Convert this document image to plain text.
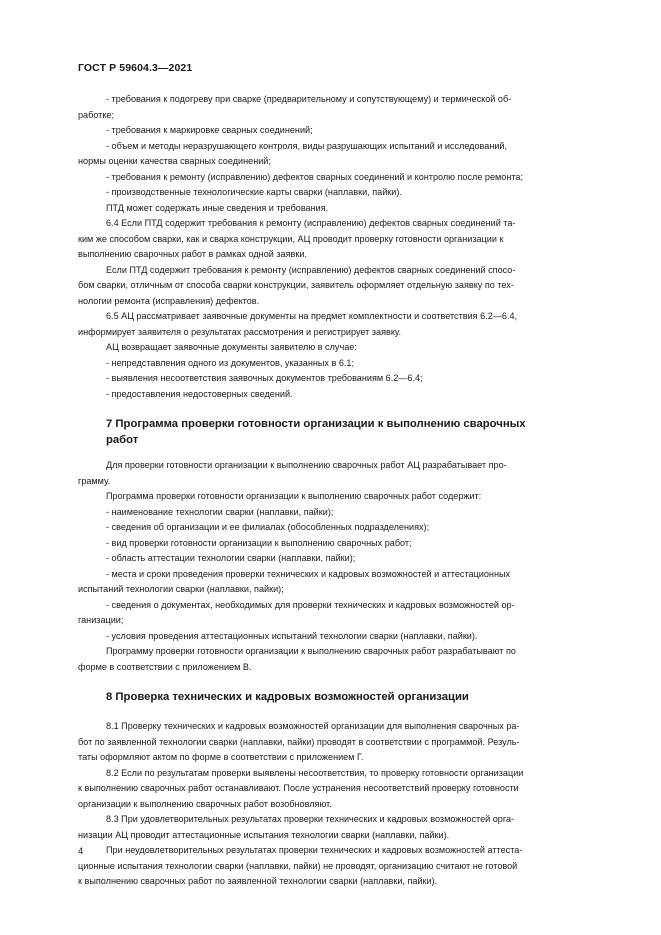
ГОСТ Р 59604.3—2021

- требования к подогреву при сварке (предварительному и сопутствующему) и термической об-
работке;

- требования к маркировке сварных соединений;

- объем и методы неразрушающего контроля, виды разрушающих испытаний и исследований,
нормы оценки качества сварных соединений;

- требования к ремонту (исправлению) дефектов сварных соединений и контролю после ремонта;

- производственные технологические карты сварки (наплавки, пайки).

ПТД может содержать иные сведения и требования.

6.4 Если ПТД содержит требования к ремонту (исправлению) дефектов сварных соединений та-
ким же способом сварки, как и сварка конструкции, АЦ проводит проверку готовности организации к
выполнению сварочных работ в рамках одной заявки.

Если ПТД содержит требования к ремонту (исправлению) дефектов сварных соединений спосо-
бом сварки, отличным от способа сварки конструкции, заявитель оформляет отдельную заявку по тех-
нологии ремонта (исправления) дефектов.

6.5 АЦ рассматривает заявочные документы на предмет комплектности и соответствия 6.2—6.4,
информирует заявителя о результатах рассмотрения и регистрирует заявку.

АЦ возвращает заявочные документы заявителю в случае:

- непредставления одного из документов, указанных в 6.1;

- выявления несоответствия заявочных документов требованиям 6.2—6.4;

- предоставления недостоверных сведений.

7 Программа проверки готовности организации к выполнению сварочных
работ

Для проверки готовности организации к выполнению сварочных работ АЦ разрабатывает про-
грамму.

Программа проверки готовности организации к выполнению сварочных работ содержит:

- наименование технологии сварки (наплавки, пайки);

- сведения об организации и ее филиалах (обособленных подразделениях);

- вид проверки готовности организации к выполнению сварочных работ;

- область аттестации технологии сварки (наплавки, пайки);

- места и сроки проведения проверки технических и кадровых возможностей и аттестационных
испытаний технологии сварки (наплавки, пайки);

- сведения о документах, необходимых для проверки технических и кадровых возможностей ор-
ганизации;

- условия проведения аттестационных испытаний технологии сварки (наплавки, пайки).

Программу проверки готовности организации к выполнению сварочных работ разрабатывают по
форме в соответствии с приложением В.

8 Проверка технических и кадровых возможностей организации

8.1 Проверку технических и кадровых возможностей организации для выполнения сварочных ра-
бот по заявленной технологии сварки (наплавки, пайки) проводят в соответствии с программой. Резуль-
таты оформляют актом по форме в соответствии с приложением Г.

8.2 Если по результатам проверки выявлены несоответствия, то проверку готовности организации
к выполнению сварочных работ останавливают. После устранения несоответствий проверку готовности
организации к выполнению сварочных работ возобновляют.

8.3 При удовлетворительных результатах проверки технических и кадровых возможностей орга-
низации АЦ проводит аттестационные испытания технологии сварки (наплавки, пайки).

При неудовлетворительных результатах проверки технических и кадровых возможностей аттеста-
ционные испытания технологии сварки (наплавки, пайки) не проводят, организацию считают не готовой
к выполнению сварочных работ по заявленной технологии сварки (наплавки, пайки).

4
